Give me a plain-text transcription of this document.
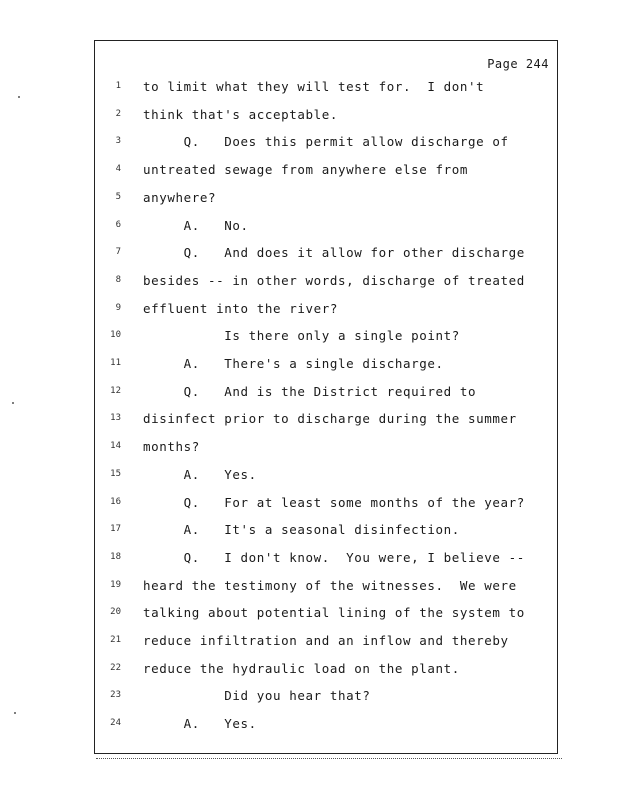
Page 244
1 to limit what they will test for.  I don't
2 think that's acceptable.
3 Q.   Does this permit allow discharge of
4 untreated sewage from anywhere else from
5 anywhere?
6 A.   No.
7 Q.   And does it allow for other discharge
8 besides -- in other words, discharge of treated
9 effluent into the river?
10 Is there only a single point?
11 A.   There's a single discharge.
12 Q.   And is the District required to
13 disinfect prior to discharge during the summer
14 months?
15 A.   Yes.
16 Q.   For at least some months of the year?
17 A.   It's a seasonal disinfection.
18 Q.   I don't know.  You were, I believe --
19 heard the testimony of the witnesses.  We were
20 talking about potential lining of the system to
21 reduce infiltration and an inflow and thereby
22 reduce the hydraulic load on the plant.
23 Did you hear that?
24 A.   Yes.
